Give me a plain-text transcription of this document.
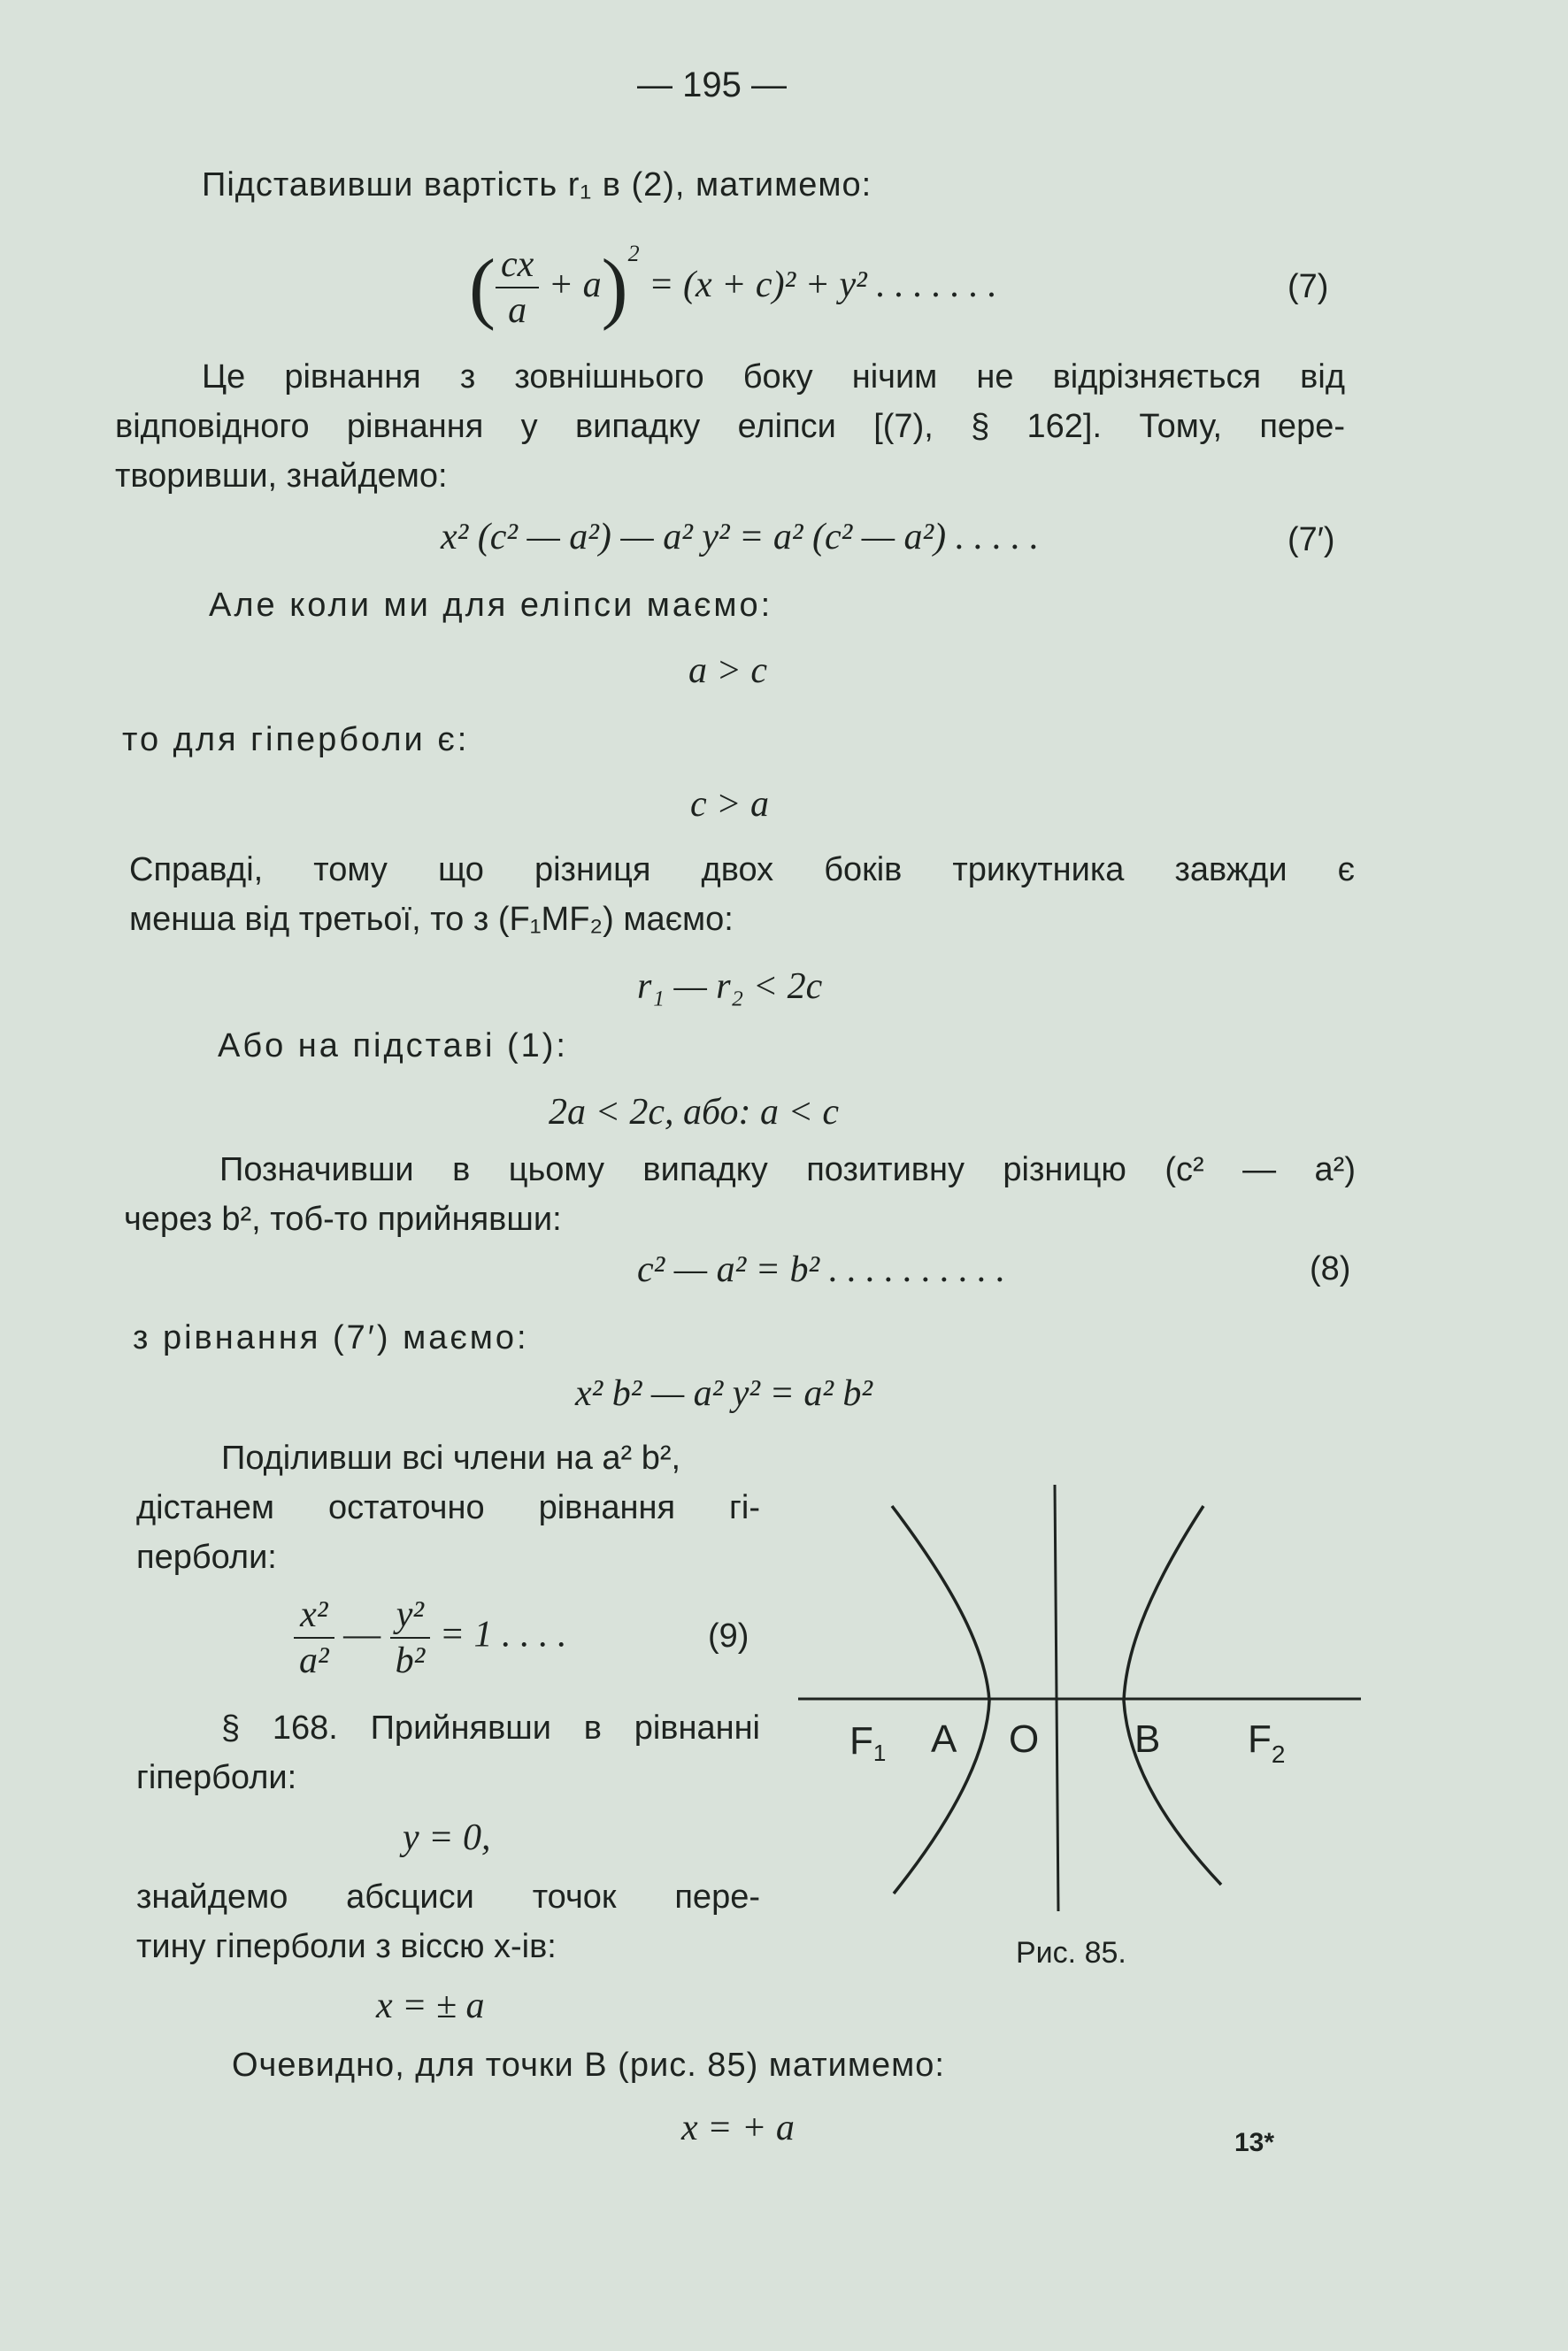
— 195 —
Підставивши вартість r₁ в (2), матимемо:
( $\frac{cx}{a} + a)^2 = (x + c)^2 + y^2$ . . . . . . .	(7)
Це рівнання з зовнішнього боку нічим не відрізняється від
відповідного рівнання у випадку еліпси [(7), § 162]. Тому, пере-
творивши, знайдемо:
x² (c² — a²) — a² y² = a² (c² — a²) . . . . .	(7′)
Але коли ми для еліпси маємо:
a > c
то для гіперболи є:
c > a
Справді, тому що різниця двох боків трикутника завжди є
менша від третьої, то з (F₁MF₂) маємо:
r₁ — r₂ < 2c
Або на підставі (1):
2a < 2c, або: a < c
Позначивши в цьому випадку позитивну різницю (c² — a²)
через b², тоб-то прийнявши:
c² — a² = b² . . . . . . . . . .	(8)
з рівнання (7′) маємо:
x² b² — a² y² = a² b²
Поділивши всі члени на a² b²,
дістанем остаточно рівнання гі-
перболи:
$\frac{\text{x²}}{\text{a²}}$ — $\frac{\text{y²}}{\text{b²}} = 1$ . . . .	(9)
§ 168. Прийнявши в рівнанні
гіперболи:
y = 0,
знайдемо абсциси точок пере-
тину гіперболи з віссю x-ів:
x = ± a
Очевидно, для точки B (рис. 85) матимемо:
x = + a
F1 A O B $F_2$
Рис. 85.
13*
